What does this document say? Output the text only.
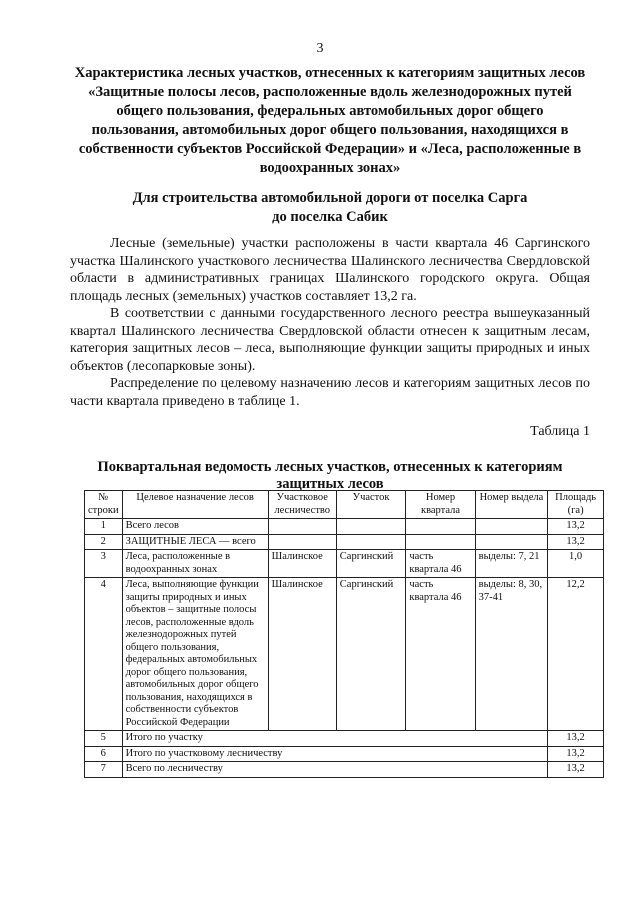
3
Характеристика лесных участков, отнесенных к категориям защитных лесов
«Защитные полосы лесов, расположенные вдоль железнодорожных путей
общего пользования, федеральных автомобильных дорог общего
пользования, автомобильных дорог общего пользования, находящихся в
собственности субъектов Российской Федерации» и «Леса, расположенные в
водоохранных зонах»
Для строительства автомобильной дороги от поселка Сарга
до поселка Сабик

Лесные (земельные) участки расположены в части квартала 46 Саргинского участка Шалинского участкового лесничества Шалинского лесничества Свердловской области в административных границах Шалинского городского округа. Общая площадь лесных (земельных) участков составляет 13,2 га.

В соответствии с данными государственного лесного реестра вышеуказанный квартал Шалинского лесничества Свердловской области отнесен к защитным лесам, категория защитных лесов – леса, выполняющие функции защиты природных и иных объектов (лесопарковые зоны).

Распределение по целевому назначению лесов и категориям защитных лесов по части квартала приведено в таблице 1.

Таблица 1
Поквартальная ведомость лесных участков, отнесенных к категориям защитных лесов
№ строки	Целевое назначение лесов	Участковое лесничество	Участок	Номер квартала	Номер выдела	Площадь (га)
1	Всего лесов					13,2
2	ЗАЩИТНЫЕ ЛЕСА — всего					13,2
3	Леса, расположенные в водоохранных зонах	Шалинское	Саргинский	часть квартала 46	выделы: 7, 21	1,0
4	Леса, выполняющие функции защиты природных и иных объектов – защитные полосы лесов, расположенные вдоль железнодорожных путей общего пользования, федеральных автомобильных дорог общего пользования, автомобильных дорог общего пользования, находящихся в собственности субъектов Российской Федерации	Шалинское	Саргинский	часть квартала 46	выделы: 8, 30, 37-41	12,2
5	Итого по участку					13,2
6	Итого по участковому лесничеству					13,2
7	Всего по лесничеству					13,2
